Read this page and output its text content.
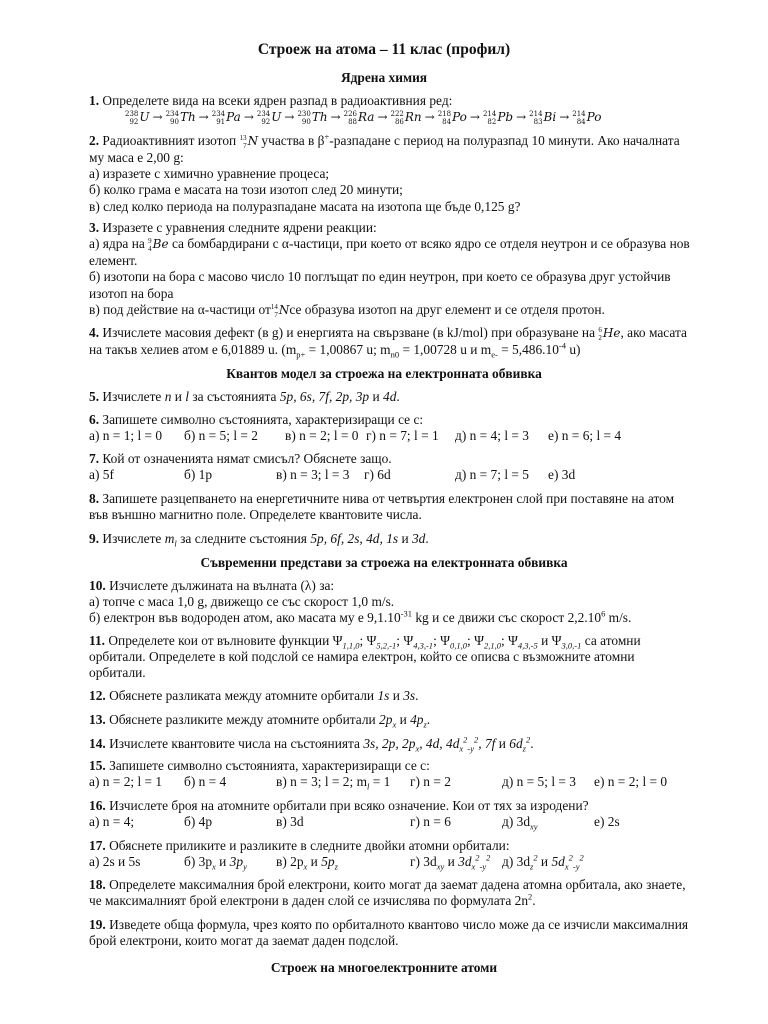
Строеж на атома – 11 клас (профил)
Ядрена химия
1. Определете вида на всеки ядрен разпад в радиоактивния ред:
238
92 U → 234
90 Th → 234
91 Pa → 234
92 U → 230
90 Th → 226
88 Ra → 222
86 Rn → 218
84 Po → 214
82 Pb → 214
83 Bi → 214
84 Po
2. Радиоактивният изотоп 13
7 N участва в β+-разпадане с период на полуразпад 10 минути. Ако началната
му маса е 2,00 g:
а) изразете с химично уравнение процеса;
б) колко грама е масата на този изотоп след 20 минути;
в) след колко периода на полуразпадане масата на изотопа ще бъде 0,125 g?
3. Изразете с уравнения следните ядрени реакции:
а) ядра на 9
4 Be са бомбардирани с α-частици, при което от всяко ядро се отделя неутрон и се образува нов
елемент.
б) изотопи на бора с масово число 10 поглъщат по един неутрон, при което се образува друг устойчив
изотоп на бора
в) под действие на α-частици от 14
7 Nсе образува изотоп на друг елемент и се отделя протон.
4. Изчислете масовия дефект (в g) и енергията на свързване (в kJ/mol) при образуване на 6
2 He, ако масата
на такъв хелиев атом е 6,01889 u. ($m_{p+} = 1,00867$ u; $m_{n0} = 1,00728$ u и $m_{e-} = 5,486.10^{-4}$ u)
Квантов модел за строежа на електронната обвивка
5. Изчислете n и l за състоянията 5p, 6s, 7f, 2p, 3p и 4d.
6. Запишете символно състоянията, характеризиращи се с:
а) n = 1; l = 0 б) n = 5; l = 2 в) n = 2; l = 0 г) n = 7; l = 1 д) n = 4; l = 3 е) n = 6; l = 4
7. Кой от означенията нямат смисъл? Обяснете защо.
а) 5f	б) 1p	в) n = 3; l = 3 г) 6d	д) n = 7; l = 5 е) 3d
8. Запишете разцепването на енергетичните нива от четвъртия електронен слой при поставяне на атом
във външно магнитно поле. Определете квантовите числа.
9. Изчислете $m_l$ за следните състояния 5p, 6f, 2s, 4d, 1s и 3d.
Съвременни представи за строежа на електронната обвивка
10. Изчислете дължината на вълната (λ) за:
а) топче с маса 1,0 g, движещо се със скорост 1,0 m/s.
б) електрон във водороден атом, ако масата му е $9,1.10^{-31}$ kg и се движи със скорост 2,2.10$^6$ m/s.
11. Определете кои от вълновите функции $\Psi_{1,1,0}$; $\Psi_{5,2,-1}$; $\Psi_{4,3,-1}$; $\Psi_{0,1,0}$; $\Psi_{2,1,0}$; $\Psi_{4,3,-5}$ и $\Psi_{3,0,-1}$ са атомни
орбитали. Определете в кой подслой се намира електрон, който се описва с възможните атомни
орбитали.
12. Обяснете разликата между атомните орбитали 1s и 3s.
13. Обяснете разликите между атомните орбитали $2p_x$ и $4p_z$.
14. Изчислете квантовите числа на състоянията 3s, 2p, $2p_x$, 4d, $4d_x^2_{-y}^2$, 7f и $6d_z^2$.
15. Запишете символно състоянията, характеризиращи се с:
а) n = 2; l = 1 б) n = 4	в) n = 3; l = 2; $m_l = 1$ г) n = 2	д) n = 5; l = 3 е) n = 2; l = 0
16. Изчислете броя на атомните орбитали при всяко означение. Кои от тях за изродени?
а) n = 4;	б) 4p	в) 3d	г) n = 6	д) $3d_{xy}$	е) 2s
17. Обяснете приликите и разликите в следните двойки атомни орбитали:
а) 2s и 5s	б) $3p_x$ и $3p_y$ в) $2p_x$ и $5p_z$	г) $3d_{xy}$ и $3d_x^2_{-y}^2$ д) $3d_z^2$ и $5d_x^2_{-y}^2$
18. Определете максималния брой електрони, които могат да заемат дадена атомна орбитала, ако знаете,
че максималният брой електрони в даден слой се изчислява по формулата $2n^2$.
19. Изведете обща формула, чрез която по орбиталното квантово число може да се изчисли максималния
брой електрони, които могат да заемат даден подслой.
Строеж на многоелектронните атоми
